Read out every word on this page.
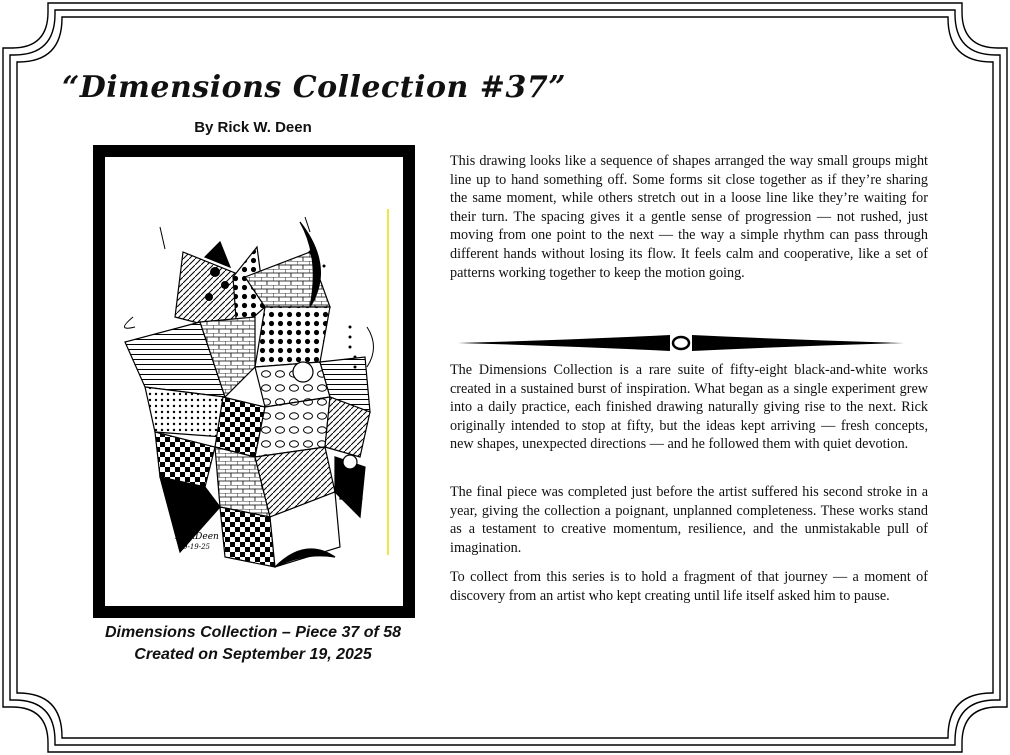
“Dimensions Collection #37”
By Rick W. Deen
RickDeen
9-19-25
Dimensions Collection – Piece 37 of 58
Created on September 19, 2025

This drawing looks like a sequence of shapes arranged the way small groups might line up to hand something off. Some forms sit close together as if they’re sharing the same moment, while others stretch out in a loose line like they’re waiting for their turn. The spacing gives it a gentle sense of progression — not rushed, just moving from one point to the next — the way a simple rhythm can pass through different hands without losing its flow. It feels calm and cooperative, like a set of patterns working together to keep the motion going.

The Dimensions Collection is a rare suite of fifty-eight black-and-white works created in a sustained burst of inspiration. What began as a single experiment grew into a daily practice, each finished drawing naturally giving rise to the next. Rick originally intended to stop at fifty, but the ideas kept arriving — fresh concepts, new shapes, unexpected directions — and he followed them with quiet devotion.

The final piece was completed just before the artist suffered his second stroke in a year, giving the collection a poignant, unplanned completeness. These works stand as a testament to creative momentum, resilience, and the unmistakable pull of imagination.

To collect from this series is to hold a fragment of that journey — a moment of discovery from an artist who kept creating until life itself asked him to pause.
